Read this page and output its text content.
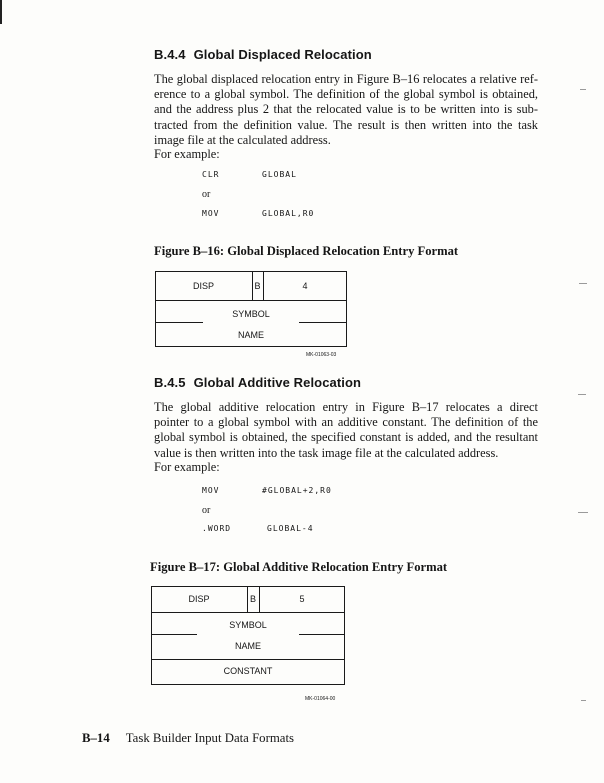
B.4.4 Global Displaced Relocation
The global displaced relocation entry in Figure B–16 relocates a relative ref-
erence to a global symbol. The definition of the global symbol is obtained,
and the address plus 2 that the relocated value is to be written into is sub-
tracted from the definition value. The result is then written into the task
image file at the calculated address.
For example:
CLR	GLOBAL
or
MOV	GLOBAL,R0
Figure B–16: Global Displaced Relocation Entry Format
DISP	B	4
SYMBOL
NAME
MK-01063-03
B.4.5 Global Additive Relocation
The global additive relocation entry in Figure B–17 relocates a direct
pointer to a global symbol with an additive constant. The definition of the
global symbol is obtained, the specified constant is added, and the resultant
value is then written into the task image file at the calculated address.
For example:
MOV	#GLOBAL+2,R0
or
.WORD	GLOBAL-4
Figure B–17: Global Additive Relocation Entry Format
DISP	B	5
SYMBOL
NAME
CONSTANT
MK-01064-00
B–14 Task Builder Input Data Formats
